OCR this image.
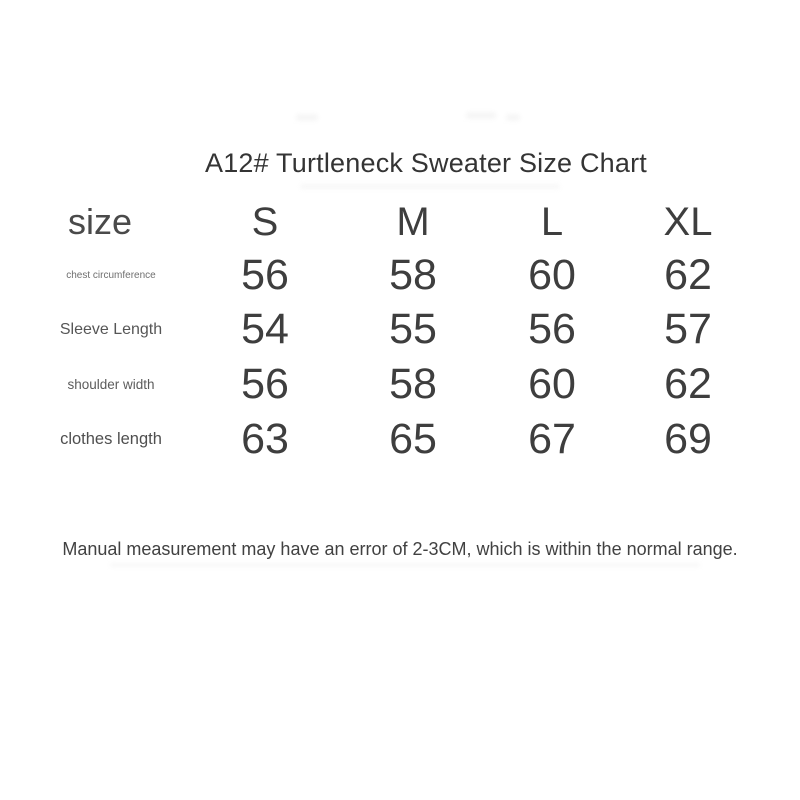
A12# Turtleneck Sweater Size Chart
size	S	M	L	XL
chest circumference	56	58	60	62
Sleeve Length	54	55	56	57
shoulder width	56	58	60	62
clothes length	63	65	67	69
Manual measurement may have an error of 2-3CM, which is within the normal range.
